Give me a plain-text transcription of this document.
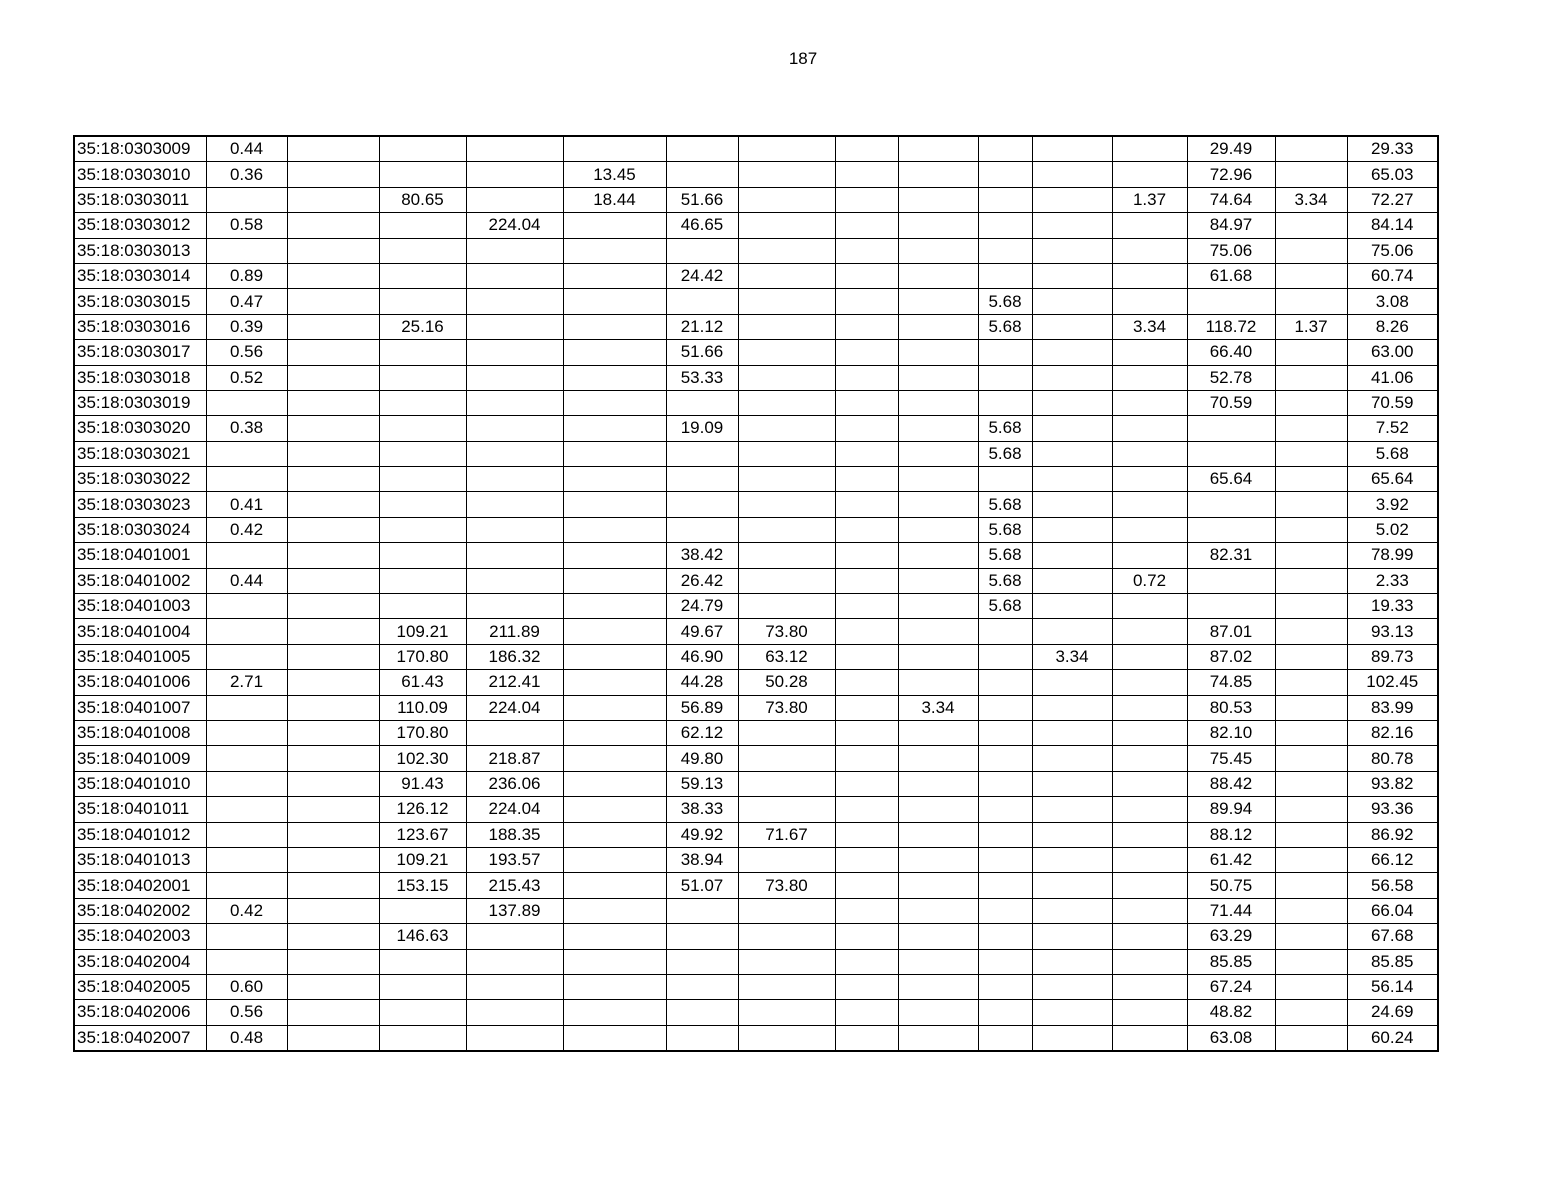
187
35:18:0303009	0.44												29.49		29.33
35:18:0303010	0.36				13.45								72.96		65.03
35:18:0303011			80.65		18.44	51.66						1.37	74.64	3.34	72.27
35:18:0303012	0.58			224.04		46.65							84.97		84.14
35:18:0303013													75.06		75.06
35:18:0303014	0.89					24.42							61.68		60.74
35:18:0303015	0.47									5.68					3.08
35:18:0303016	0.39		25.16			21.12				5.68		3.34	118.72	1.37	8.26
35:18:0303017	0.56					51.66							66.40		63.00
35:18:0303018	0.52					53.33							52.78		41.06
35:18:0303019													70.59		70.59
35:18:0303020	0.38					19.09				5.68					7.52
35:18:0303021										5.68					5.68
35:18:0303022													65.64		65.64
35:18:0303023	0.41									5.68					3.92
35:18:0303024	0.42									5.68					5.02
35:18:0401001						38.42				5.68			82.31		78.99
35:18:0401002	0.44					26.42				5.68		0.72			2.33
35:18:0401003						24.79				5.68					19.33
35:18:0401004			109.21	211.89		49.67	73.80						87.01		93.13
35:18:0401005			170.80	186.32		46.90	63.12				3.34		87.02		89.73
35:18:0401006	2.71		61.43	212.41		44.28	50.28						74.85		102.45
35:18:0401007			110.09	224.04		56.89	73.80		3.34				80.53		83.99
35:18:0401008			170.80			62.12							82.10		82.16
35:18:0401009			102.30	218.87		49.80							75.45		80.78
35:18:0401010			91.43	236.06		59.13							88.42		93.82
35:18:0401011			126.12	224.04		38.33							89.94		93.36
35:18:0401012			123.67	188.35		49.92	71.67						88.12		86.92
35:18:0401013			109.21	193.57		38.94							61.42		66.12
35:18:0402001			153.15	215.43		51.07	73.80						50.75		56.58
35:18:0402002	0.42			137.89									71.44		66.04
35:18:0402003			146.63										63.29		67.68
35:18:0402004													85.85		85.85
35:18:0402005	0.60												67.24		56.14
35:18:0402006	0.56												48.82		24.69
35:18:0402007	0.48												63.08		60.24
